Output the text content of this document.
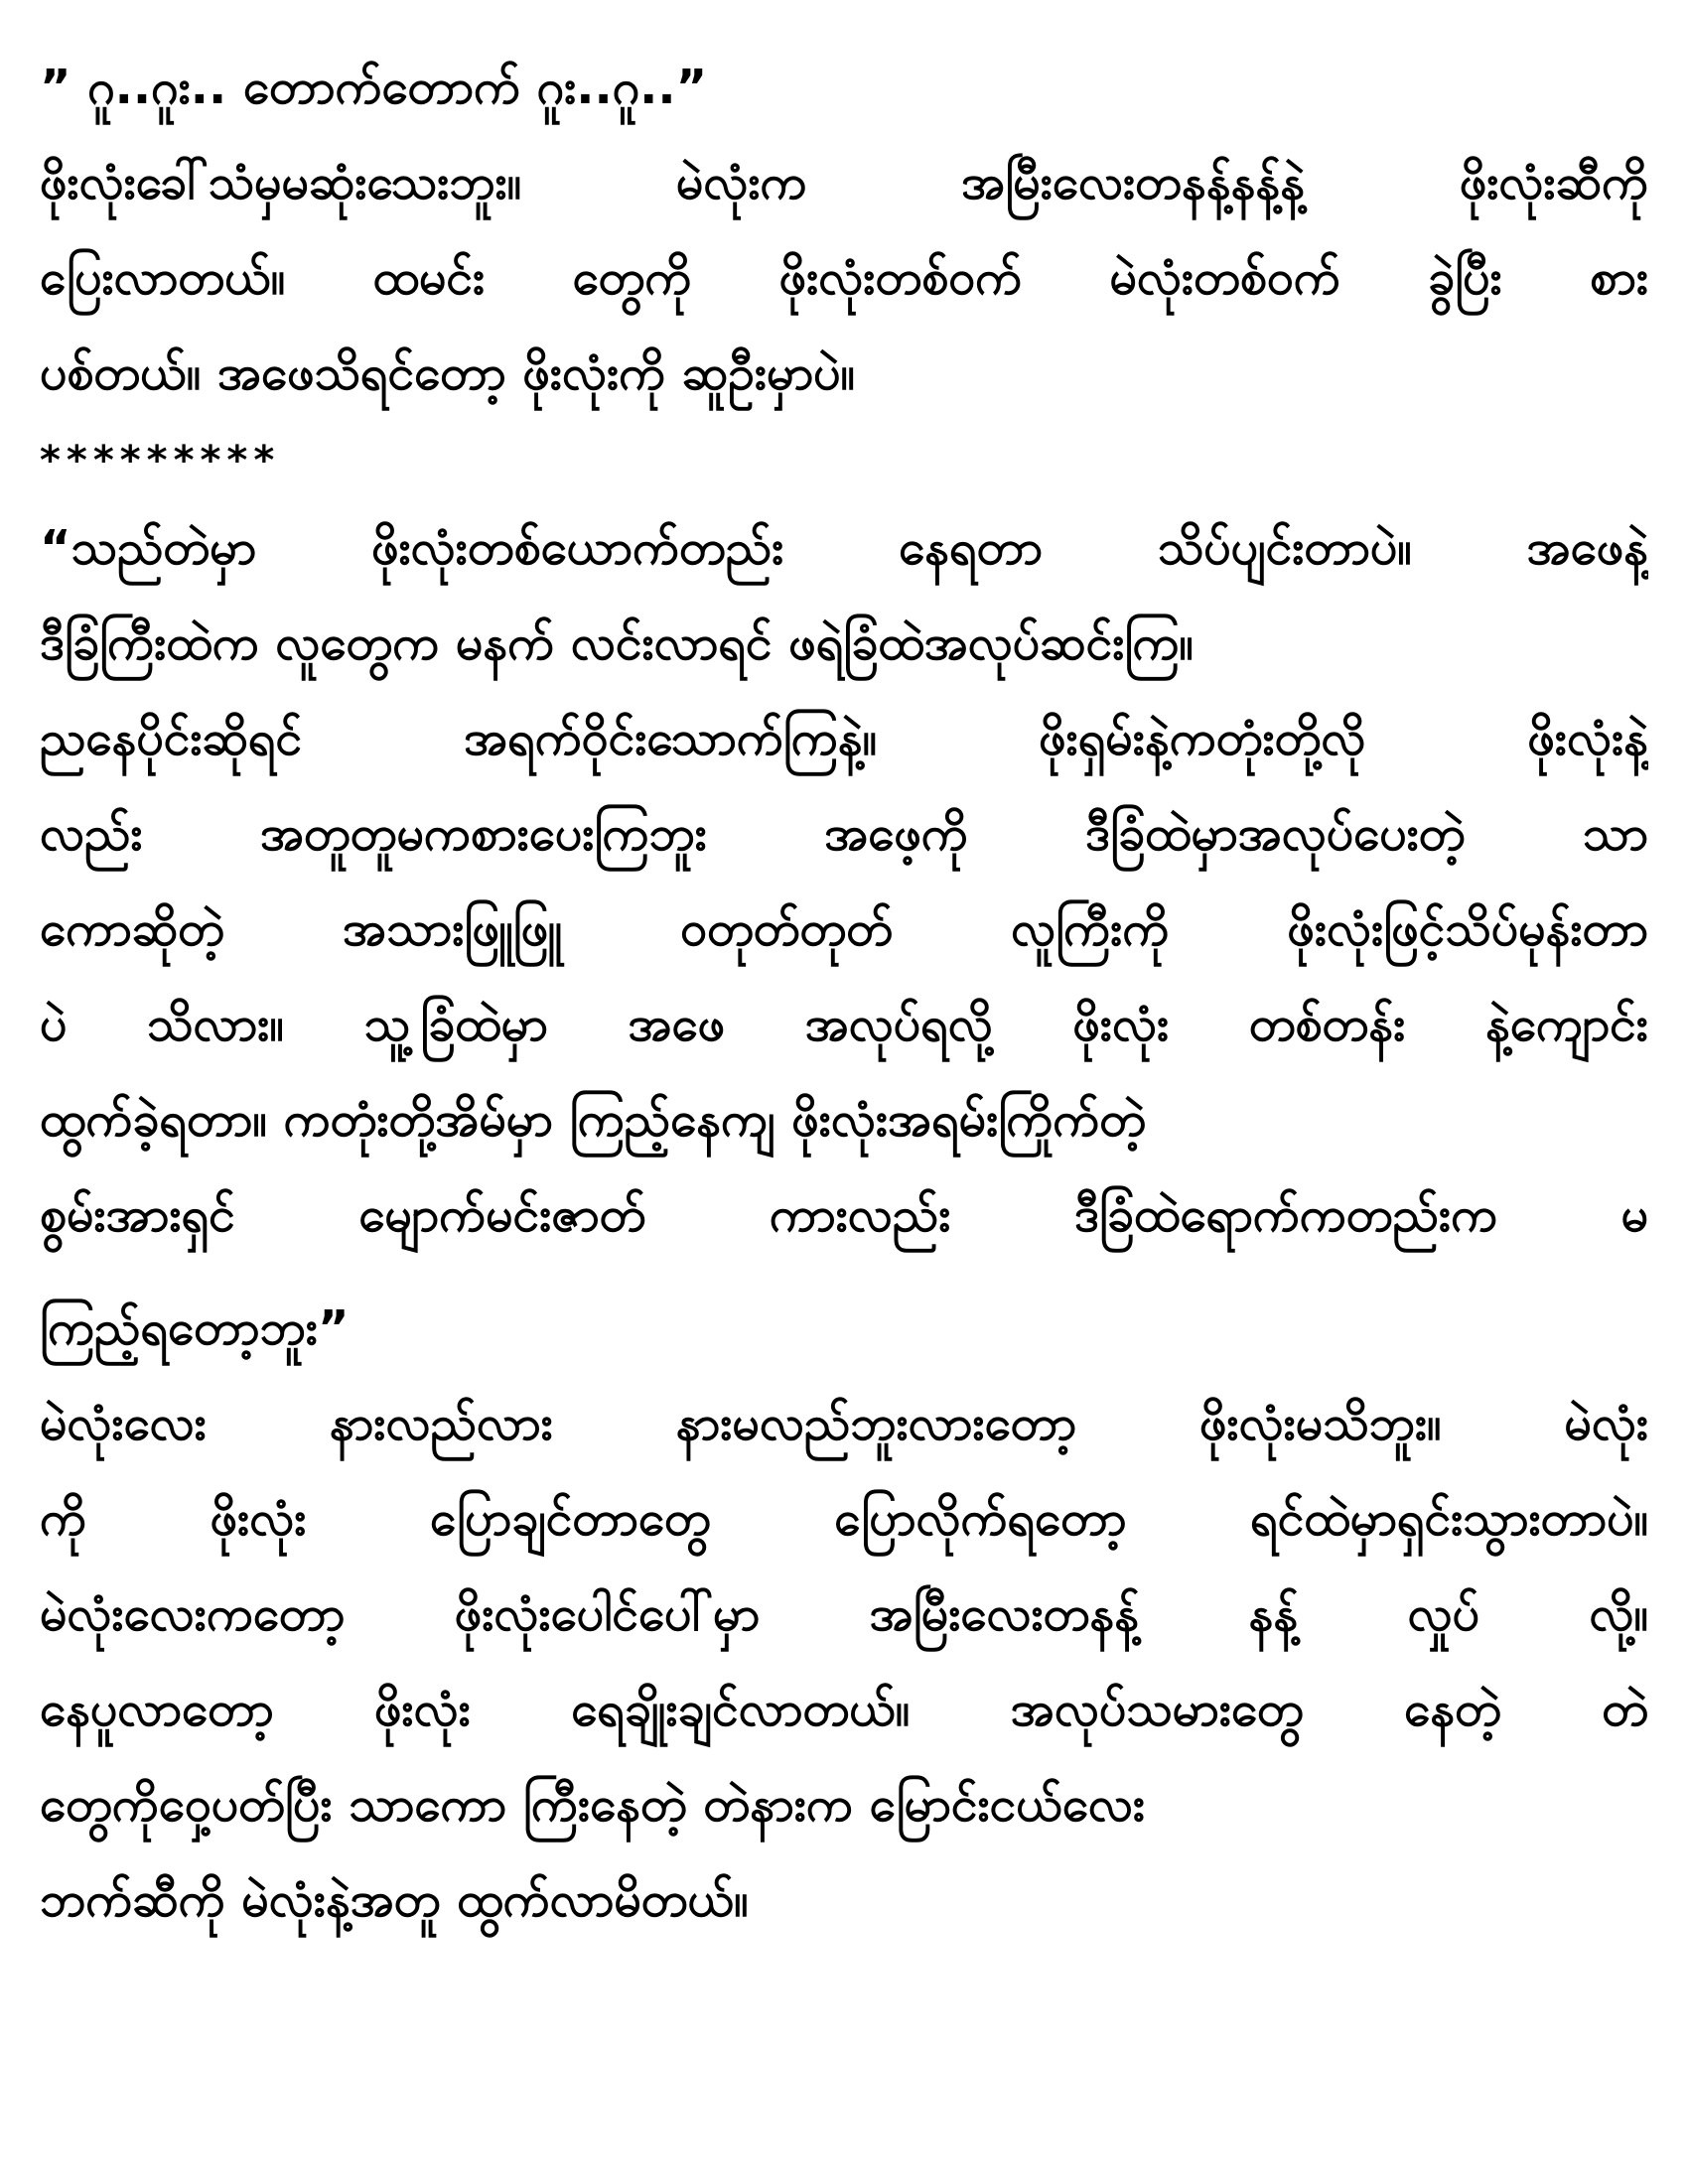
” ဂူ..ဂူး.. တောက်တောက် ဂူး..ဂူ..”
ဖိုးလုံးခေါ်သံမှမဆုံးသေးဘူး။ မဲလုံးက အမြီးလေးတနန့်နန့်နဲ့ ဖိုးလုံးဆီကို
ပြေးလာတယ်။ ထမင်း တွေကို ဖိုးလုံးတစ်ဝက် မဲလုံးတစ်ဝက် ခွဲပြီး စား
ပစ်တယ်။ အဖေသိရင်တော့ ဖိုးလုံးကို ဆူဦးမှာပဲ။
*********
“သည်တဲမှာ ဖိုးလုံးတစ်ယောက်တည်း နေရတာ သိပ်ပျင်းတာပဲ။ အဖေနဲ့
ဒီခြံကြီးထဲက လူတွေက မနက် လင်းလာရင် ဖရဲခြံထဲအလုပ်ဆင်းကြ။
ညနေပိုင်းဆိုရင် အရက်ဝိုင်းသောက်ကြနဲ့။ ဖိုးရှမ်းနဲ့ကတုံးတို့လို ဖိုးလုံးနဲ့
လည်း အတူတူမကစားပေးကြဘူး အဖေ့ကို ဒီခြံထဲမှာအလုပ်ပေးတဲ့ သာ
ကောဆိုတဲ့ အသားဖြူဖြူ ဝတုတ်တုတ် လူကြီးကို ဖိုးလုံးဖြင့်သိပ်မုန်းတာ
ပဲ သိလား။ သူ့ခြံထဲမှာ အဖေ အလုပ်ရလို့ ဖိုးလုံး တစ်တန်း နဲ့ကျောင်း
ထွက်ခဲ့ရတာ။ ကတုံးတို့အိမ်မှာ ကြည့်နေကျ ဖိုးလုံးအရမ်းကြိုက်တဲ့
စွမ်းအားရှင် မျောက်မင်းဇာတ် ကားလည်း ဒီခြံထဲရောက်ကတည်းက မ
ကြည့်ရတော့ဘူး”
မဲလုံးလေး နားလည်လား နားမလည်ဘူးလားတော့ ဖိုးလုံးမသိဘူး။ မဲလုံး
ကို ဖိုးလုံး ပြောချင်တာတွေ ပြောလိုက်ရတော့ ရင်ထဲမှာရှင်းသွားတာပဲ။
မဲလုံးလေးကတော့ ဖိုးလုံးပေါင်ပေါ်မှာ အမြီးလေးတနန့် နန့် လှုပ် လို့။
နေပူလာတော့ ဖိုးလုံး ရေချိုးချင်လာတယ်။ အလုပ်သမားတွေ နေတဲ့ တဲ
တွေကိုဝှေ့ပတ်ပြီး သာကော ကြီးနေတဲ့ တဲနားက မြောင်းငယ်လေး
ဘက်ဆီကို မဲလုံးနဲ့အတူ ထွက်လာမိတယ်။
